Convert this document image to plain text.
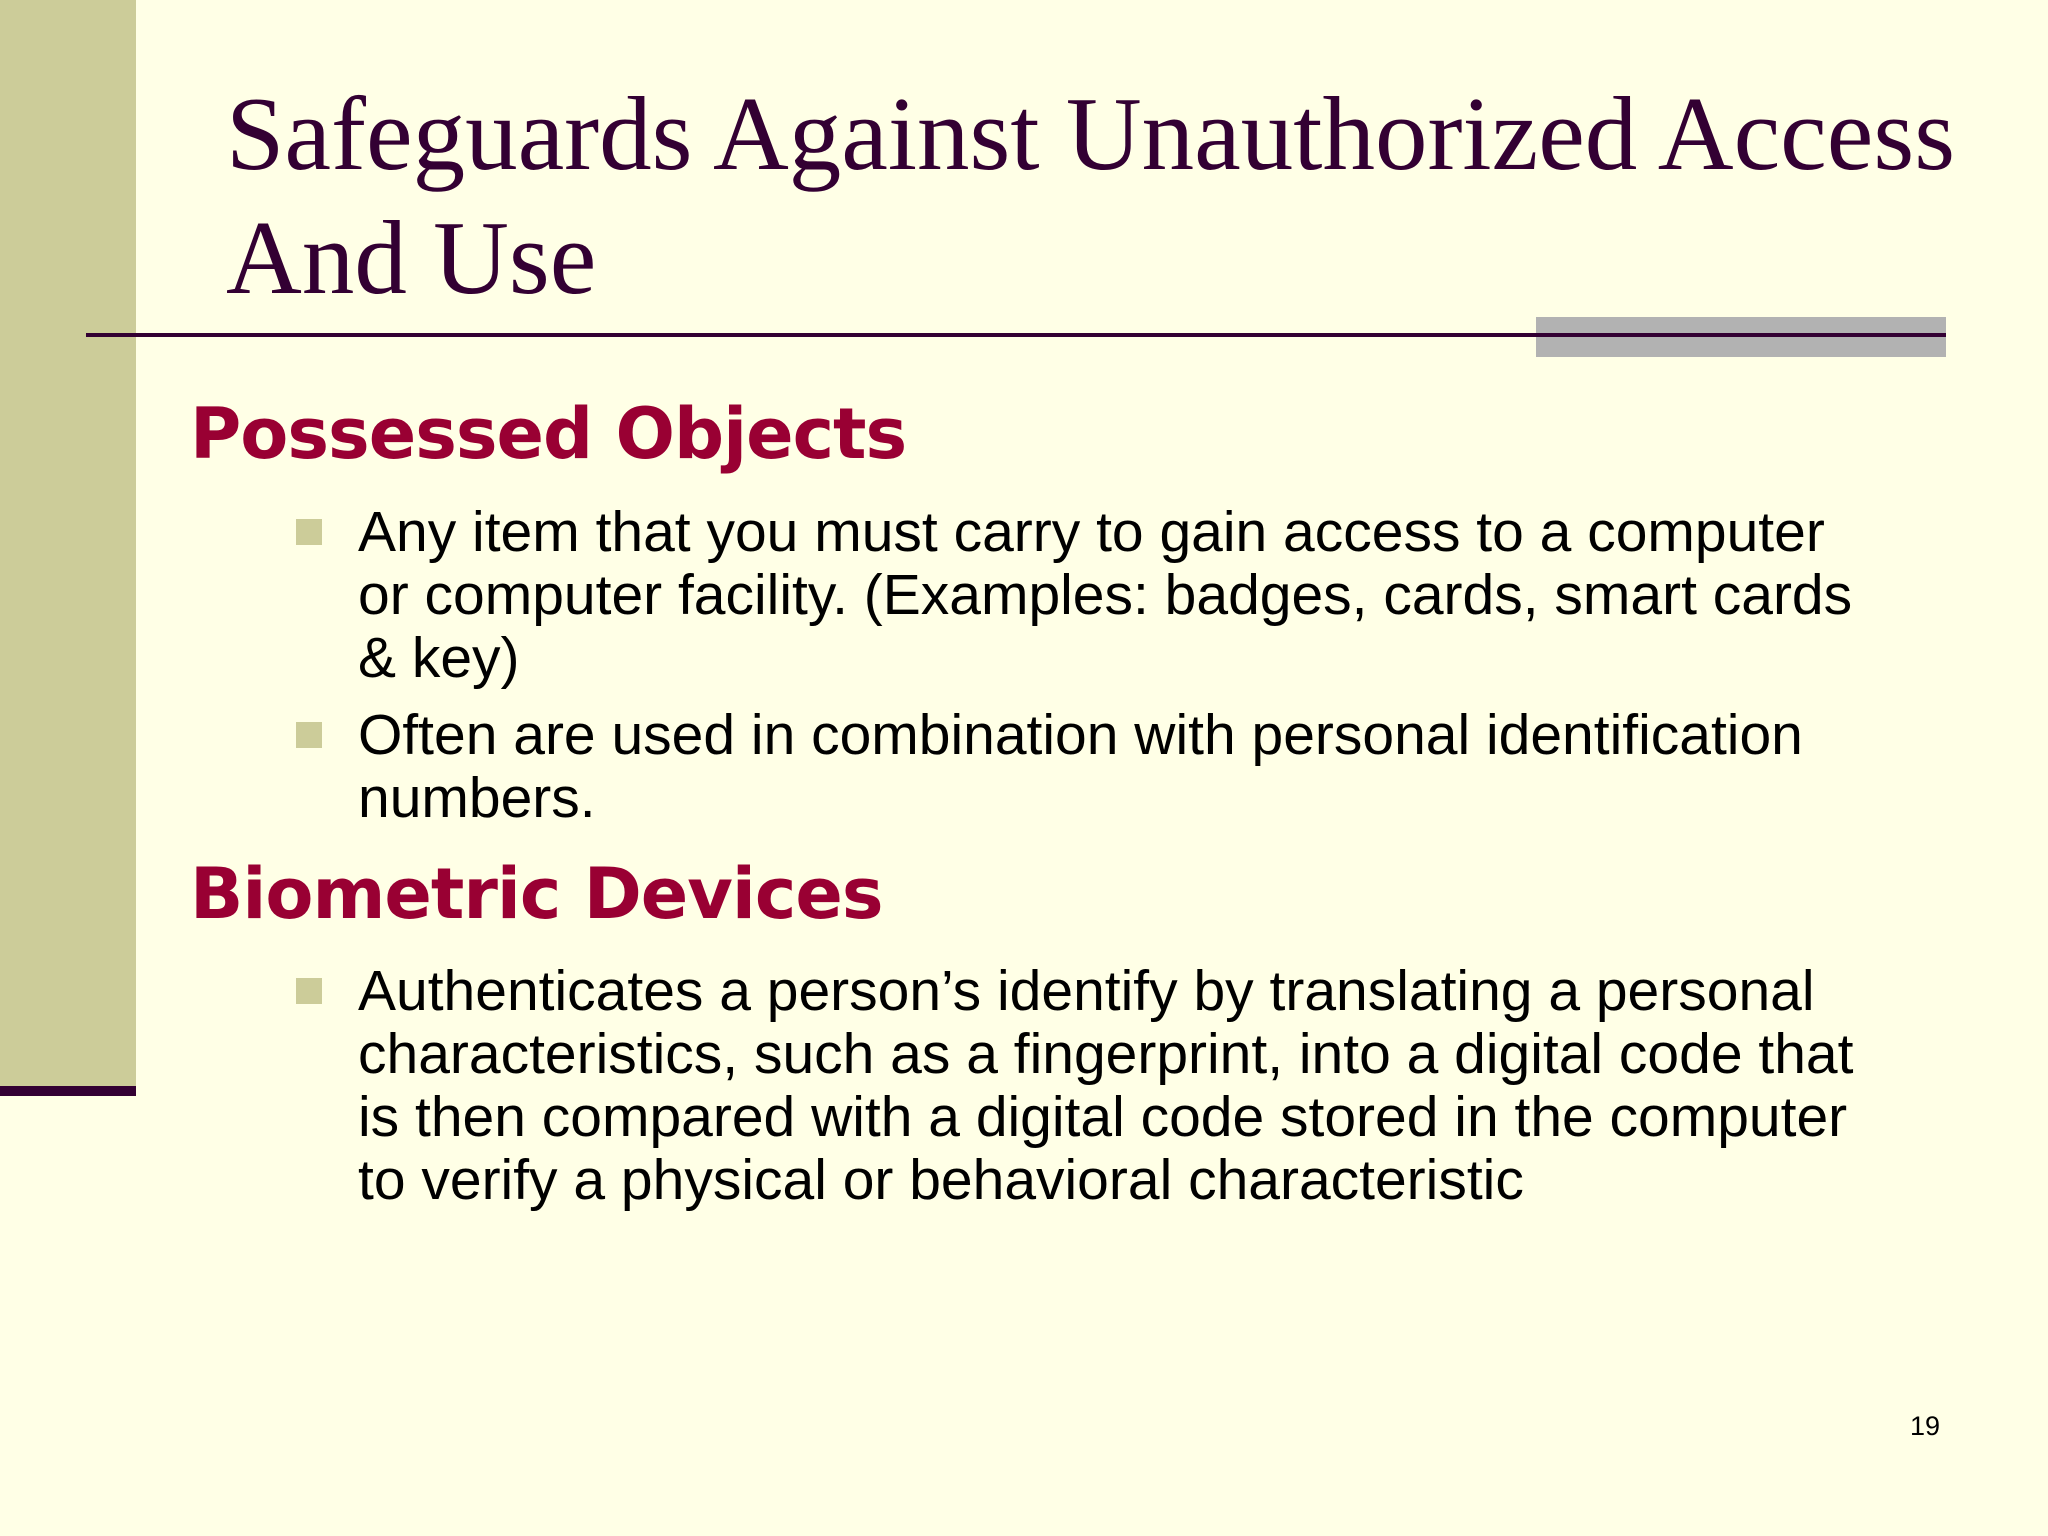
Safeguards Against Unauthorized Access And Use
Possessed Objects
Any item that you must carry to gain access to a computer or computer facility. (Examples: badges, cards, smart cards & key)
Often are used in combination with personal identification numbers.
Biometric Devices
Authenticates a person’s identify by translating a personal characteristics, such as a fingerprint, into a digital code that is then compared with a digital code stored in the computer to verify a physical or behavioral characteristic
19
